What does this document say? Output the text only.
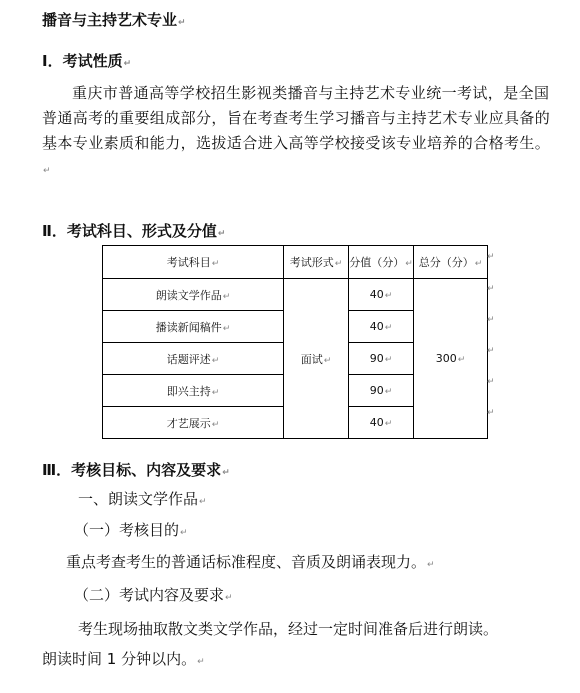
播音与主持艺术专业↵

Ⅰ．考试性质↵

重庆市普通高等学校招生影视类播音与主持艺术专业统一考试，是全国普通高考的重要组成部分，旨在考查考生学习播音与主持艺术专业应具备的基本专业素质和能力，选拔适合进入高等学校接受该专业培养的合格考生。↵

Ⅱ．考试科目、形式及分值↵

考试科目↵	考试形式↵	分值（分）↵	总分（分）↵
朗读文学作品↵	面试↵	40↵	300↵
播读新闻稿件↵		40↵	
话题评述↵		90↵	
即兴主持↵		90↵	
才艺展示↵		40↵	
↵
↵
↵
↵
↵
↵

Ⅲ．考核目标、内容及要求↵

一、朗读文学作品↵

（一）考核目的↵

重点考查考生的普通话标准程度、音质及朗诵表现力。↵

（二）考试内容及要求↵

考生现场抽取散文类文学作品，经过一定时间准备后进行朗读。

朗读时间 1 分钟以内。↵
